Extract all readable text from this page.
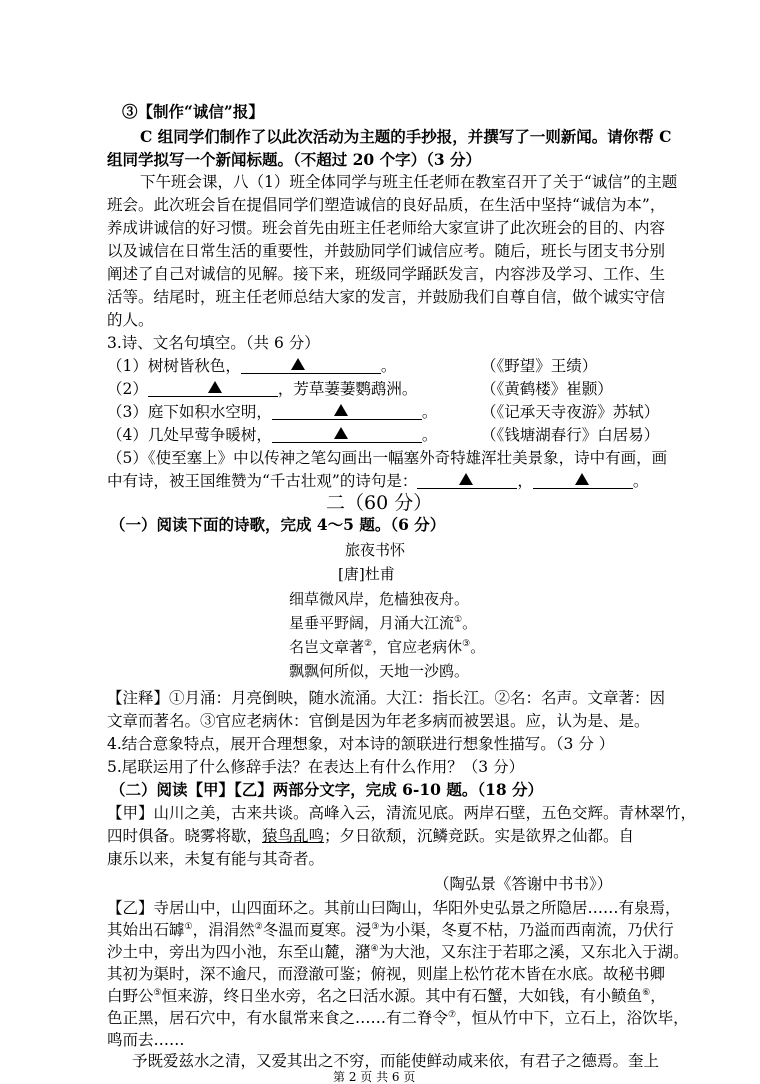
③【制作“诚信”报】
C 组同学们制作了以此次活动为主题的手抄报，并撰写了一则新闻。请你帮 C
组同学拟写一个新闻标题。（不超过 20 个字）（3 分）
下午班会课，八（1）班全体同学与班主任老师在教室召开了关于“诚信”的主题
班会。此次班会旨在提倡同学们塑造诚信的良好品质，在生活中坚持“诚信为本”，
养成讲诚信的好习惯。班会首先由班主任老师给大家宣讲了此次班会的目的、内容
以及诚信在日常生活的重要性，并鼓励同学们诚信应考。随后，班长与团支书分别
阐述了自己对诚信的见解。接下来，班级同学踊跃发言，内容涉及学习、工作、生
活等。结尾时，班主任老师总结大家的发言，并鼓励我们自尊自信，做个诚实守信
的人。
3.诗、文名句填空。（共 6 分）
（1）树树皆秋色，	。	（《野望》王绩）
（2）	，芳草萋萋鹦鹉洲。	（《黄鹤楼》崔颢）
（3）庭下如积水空明，	。	（《记承天寺夜游》苏轼）
（4）几处早莺争暖树，	。	（《钱塘湖春行》白居易）
（5）《使至塞上》中以传神之笔勾画出一幅塞外奇特雄浑壮美景象，诗中有画，画
中有诗，被王国维赞为“千古壮观”的诗句是：	，	。
二（60 分）
（一）阅读下面的诗歌，完成 4～5 题。（6 分）
旅夜书怀
[唐]杜甫
细草微风岸，危樯独夜舟。
星垂平野阔，月涌大江流①。
名岂文章著②，官应老病休③。
飘飘何所似，天地一沙鸥。
【注释】①月涌：月亮倒映，随水流涌。大江：指长江。②名：名声。文章著：因
文章而著名。③官应老病休：官倒是因为年老多病而被罢退。应，认为是、是。
4.结合意象特点，展开合理想象，对本诗的颔联进行想象性描写。（3 分 ）
5.尾联运用了什么修辞手法？在表达上有什么作用？（3 分）
（二）阅读【甲】【乙】两部分文字，完成 6-10 题。（18 分）
【甲】山川之美，古来共谈。高峰入云，清流见底。两岸石壁，五色交辉。青林翠竹，
四时俱备。晓雾将歇，猿鸟乱鸣；夕日欲颓，沉鳞竞跃。实是欲界之仙都。自
康乐以来，未复有能与其奇者。
（陶弘景《答谢中书书》）
【乙】寺居山中，山四面环之。其前山曰陶山，华阳外史弘景之所隐居……有泉焉，
其始出石罅①，涓涓然②冬温而夏寒。浸③为小渠，冬夏不枯，乃溢而西南流，乃伏行
沙土中，旁出为四小池，东至山麓，潴④为大池，又东注于若耶之溪，又东北入于湖。
其初为渠时，深不逾尺，而澄澈可鉴；俯视，则崖上松竹花木皆在水底。故秘书卿
白野公⑤恒来游，终日坐水旁，名之曰活水源。其中有石蟹，大如钱，有小鲼鱼⑥，
色正黑，居石穴中，有水鼠常来食之……有二脊令⑦，恒从竹中下，立石上，浴饮毕，
鸣而去……
予既爱兹水之清，又爱其出之不穷，而能使鲜动咸来依，有君子之德焉。奎上
第 2 页 共 6 页
